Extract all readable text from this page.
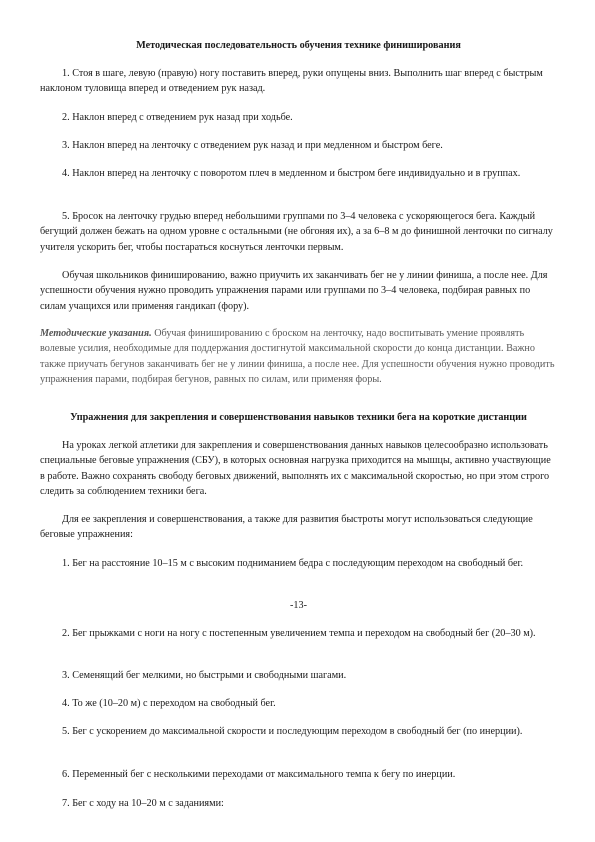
Методическая последовательность обучения технике финиширования

1. Стоя в шаге, левую (правую) ногу поставить вперед, руки опущены вниз. Выполнить шаг вперед с быстрым наклоном туловища вперед и отведением рук назад.

2. Наклон вперед с отведением рук назад при ходьбе.

3. Наклон вперед на ленточку с отведением рук назад и при медленном и быстром беге.

4. Наклон вперед на ленточку с поворотом плеч в медленном и быстром беге индивидуально и в группах.

5. Бросок на ленточку грудью вперед небольшими группами по 3–4 человека с ускоряющегося бега. Каждый бегущий должен бежать на одном уровне с остальными (не обгоняя их), а за 6–8 м до финишной ленточки по сигналу учителя ускорить бег, чтобы постараться коснуться ленточки первым.

Обучая школьников финишированию, важно приучить их заканчивать бег не у линии финиша, а после нее. Для успешности обучения нужно проводить упражнения парами или группами по 3–4 человека, подбирая равных по силам учащихся или применяя гандикап (фору).

Методические указания. Обучая финишированию с броском на ленточку, надо воспитывать умение проявлять волевые усилия, необходимые для поддержания достигнутой максимальной скорости до конца дистанции. Важно также приучать бегунов заканчивать бег не у линии финиша, а после нее. Для успешности обучения нужно проводить упражнения парами, подбирая бегунов, равных по силам, или применяя форы.

Упражнения для закрепления и совершенствования навыков техники бега на короткие дистанции

На уроках легкой атлетики для закрепления и совершенствования данных навыков целесообразно использовать специальные беговые упражнения (СБУ), в которых основная нагрузка приходится на мышцы, активно участвующие в работе. Важно сохранять свободу беговых движений, выполнять их с максимальной скоростью, но при этом строго следить за соблюдением техники бега.

Для ее закрепления и совершенствования, а также для развития быстроты могут использоваться следующие беговые упражнения:

1. Бег на расстояние 10–15 м с высоким подниманием бедра с последующим переходом на свободный бег.

-13-

2. Бег прыжками с ноги на ногу с постепенным увеличением темпа и переходом на свободный бег (20–30 м).

3. Семенящий бег мелкими, но быстрыми и свободными шагами.

4. То же (10–20 м) с переходом на свободный бег.

5. Бег с ускорением до максимальной скорости и последующим переходом в свободный бег (по инерции).

6. Переменный бег с несколькими переходами от максимального темпа к бегу по инерции.

7. Бег с ходу на 10–20 м с заданиями:
